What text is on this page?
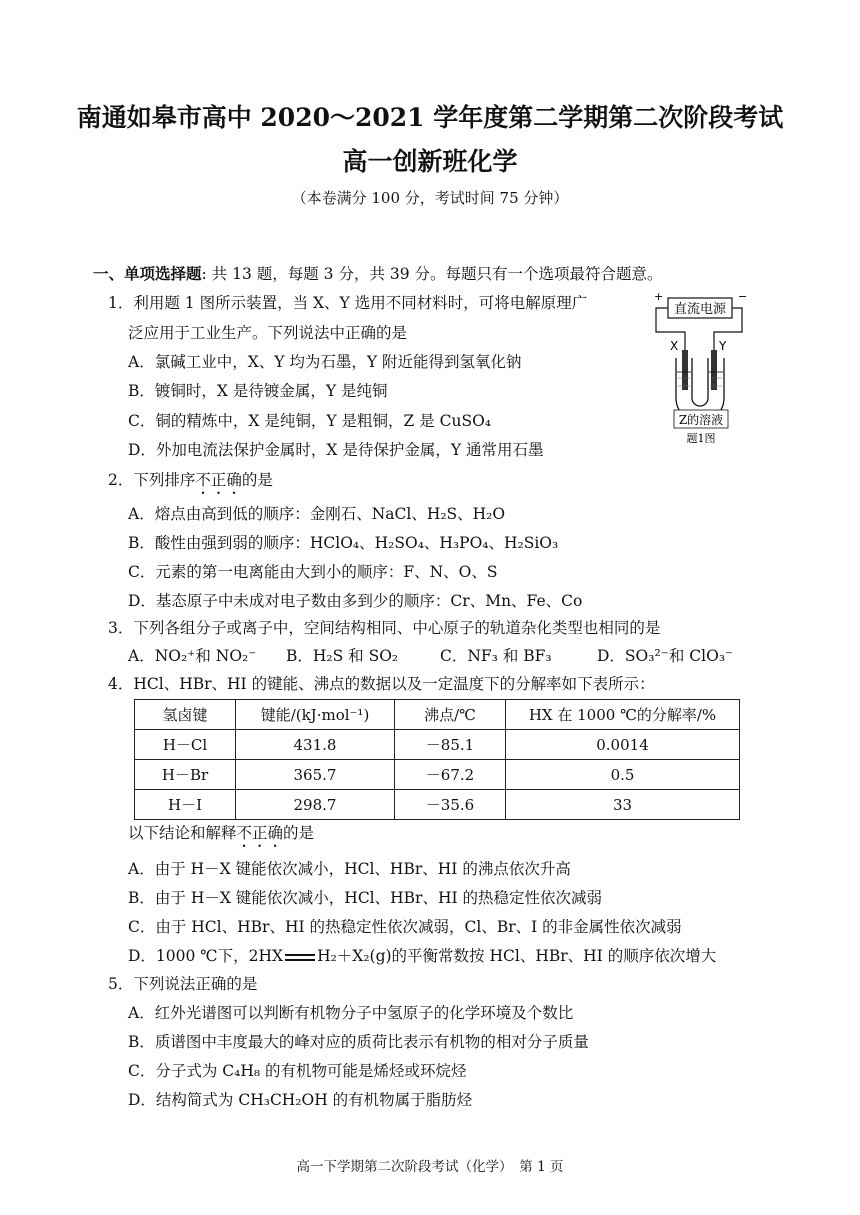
南通如皋市高中 2020～2021 学年度第二学期第二次阶段考试
高一创新班化学
（本卷满分 100 分，考试时间 75 分钟）
一、单项选择题: 共 13 题，每题 3 分，共 39 分。每题只有一个选项最符合题意。
1．利用题 1 图所示装置，当 X、Y 选用不同材料时，可将电解原理广
泛应用于工业生产。下列说法中正确的是
A．氯碱工业中，X、Y 均为石墨，Y 附近能得到氢氧化钠
B．镀铜时，X 是待镀金属，Y 是纯铜
C．铜的精炼中，X 是纯铜，Y 是粗铜，Z 是 CuSO₄
D．外加电流法保护金属时，X 是待保护金属，Y 通常用石墨
直流电源
+	−
X	Y
Z的溶液
题1图
2．下列排序不正确的是
A．熔点由高到低的顺序：金刚石、NaCl、H₂S、H₂O
B．酸性由强到弱的顺序：HClO₄、H₂SO₄、H₃PO₄、H₂SiO₃
C．元素的第一电离能由大到小的顺序：F、N、O、S
D．基态原子中未成对电子数由多到少的顺序：Cr、Mn、Fe、Co
3．下列各组分子或离子中，空间结构相同、中心原子的轨道杂化类型也相同的是
A．NO₂⁺和 NO₂⁻ B．H₂S 和 SO₂	C．NF₃ 和 BF₃	D．SO₃²⁻和 ClO₃⁻
4．HCl、HBr、HI 的键能、沸点的数据以及一定温度下的分解率如下表所示：
氢卤键	键能/(kJ·mol⁻¹)	沸点/℃	HX 在 1000 ℃的分解率/%
H－Cl	431.8	－85.1	0.0014
H－Br	365.7	－67.2	0.5
H－I	298.7	－35.6	33
以下结论和解释不正确的是
A．由于 H－X 键能依次减小，HCl、HBr、HI 的沸点依次升高
B．由于 H－X 键能依次减小，HCl、HBr、HI 的热稳定性依次减弱
C．由于 HCl、HBr、HI 的热稳定性依次减弱，Cl、Br、I 的非金属性依次减弱
D．1000 ℃下，2HX H₂＋X₂(g)的平衡常数按 HCl、HBr、HI 的顺序依次增大
5．下列说法正确的是
A．红外光谱图可以判断有机物分子中氢原子的化学环境及个数比
B．质谱图中丰度最大的峰对应的质荷比表示有机物的相对分子质量
C．分子式为 C₄H₈ 的有机物可能是烯烃或环烷烃
D．结构简式为 CH₃CH₂OH 的有机物属于脂肪烃
高一下学期第二次阶段考试（化学）　第 1 页
